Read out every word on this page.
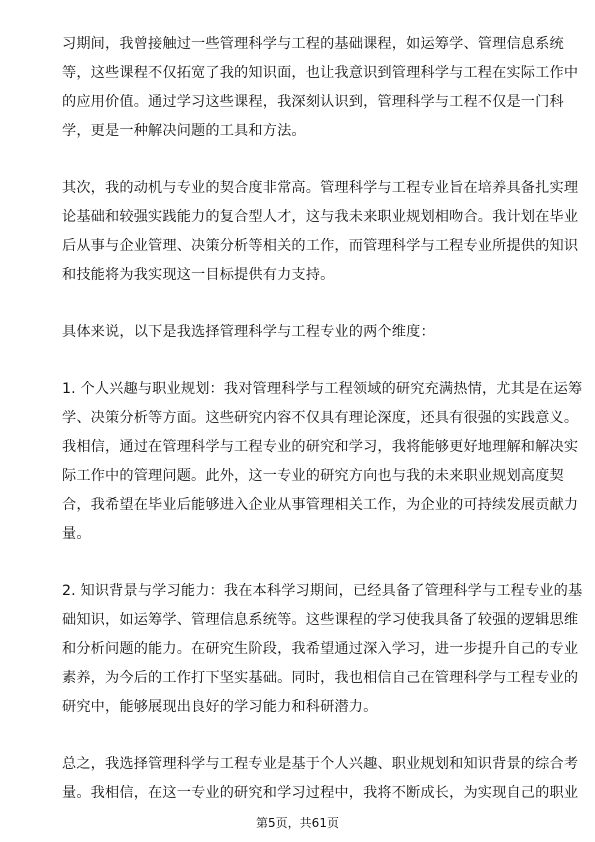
习期间，我曾接触过一些管理科学与工程的基础课程，如运筹学、管理信息系统
等，这些课程不仅拓宽了我的知识面，也让我意识到管理科学与工程在实际工作中
的应用价值。通过学习这些课程，我深刻认识到，管理科学与工程不仅是一门科
学，更是一种解决问题的工具和方法。

其次，我的动机与专业的契合度非常高。管理科学与工程专业旨在培养具备扎实理
论基础和较强实践能力的复合型人才，这与我未来职业规划相吻合。我计划在毕业
后从事与企业管理、决策分析等相关的工作，而管理科学与工程专业所提供的知识
和技能将为我实现这一目标提供有力支持。

具体来说，以下是我选择管理科学与工程专业的两个维度：

1. 个人兴趣与职业规划：我对管理科学与工程领域的研究充满热情，尤其是在运筹
学、决策分析等方面。这些研究内容不仅具有理论深度，还具有很强的实践意义。
我相信，通过在管理科学与工程专业的研究和学习，我将能够更好地理解和解决实
际工作中的管理问题。此外，这一专业的研究方向也与我的未来职业规划高度契
合，我希望在毕业后能够进入企业从事管理相关工作，为企业的可持续发展贡献力
量。

2. 知识背景与学习能力：我在本科学习期间，已经具备了管理科学与工程专业的基
础知识，如运筹学、管理信息系统等。这些课程的学习使我具备了较强的逻辑思维
和分析问题的能力。在研究生阶段，我希望通过深入学习，进一步提升自己的专业
素养，为今后的工作打下坚实基础。同时，我也相信自己在管理科学与工程专业的
研究中，能够展现出良好的学习能力和科研潜力。

总之，我选择管理科学与工程专业是基于个人兴趣、职业规划和知识背景的综合考
量。我相信，在这一专业的研究和学习过程中，我将不断成长，为实现自己的职业

第5页，共61页
